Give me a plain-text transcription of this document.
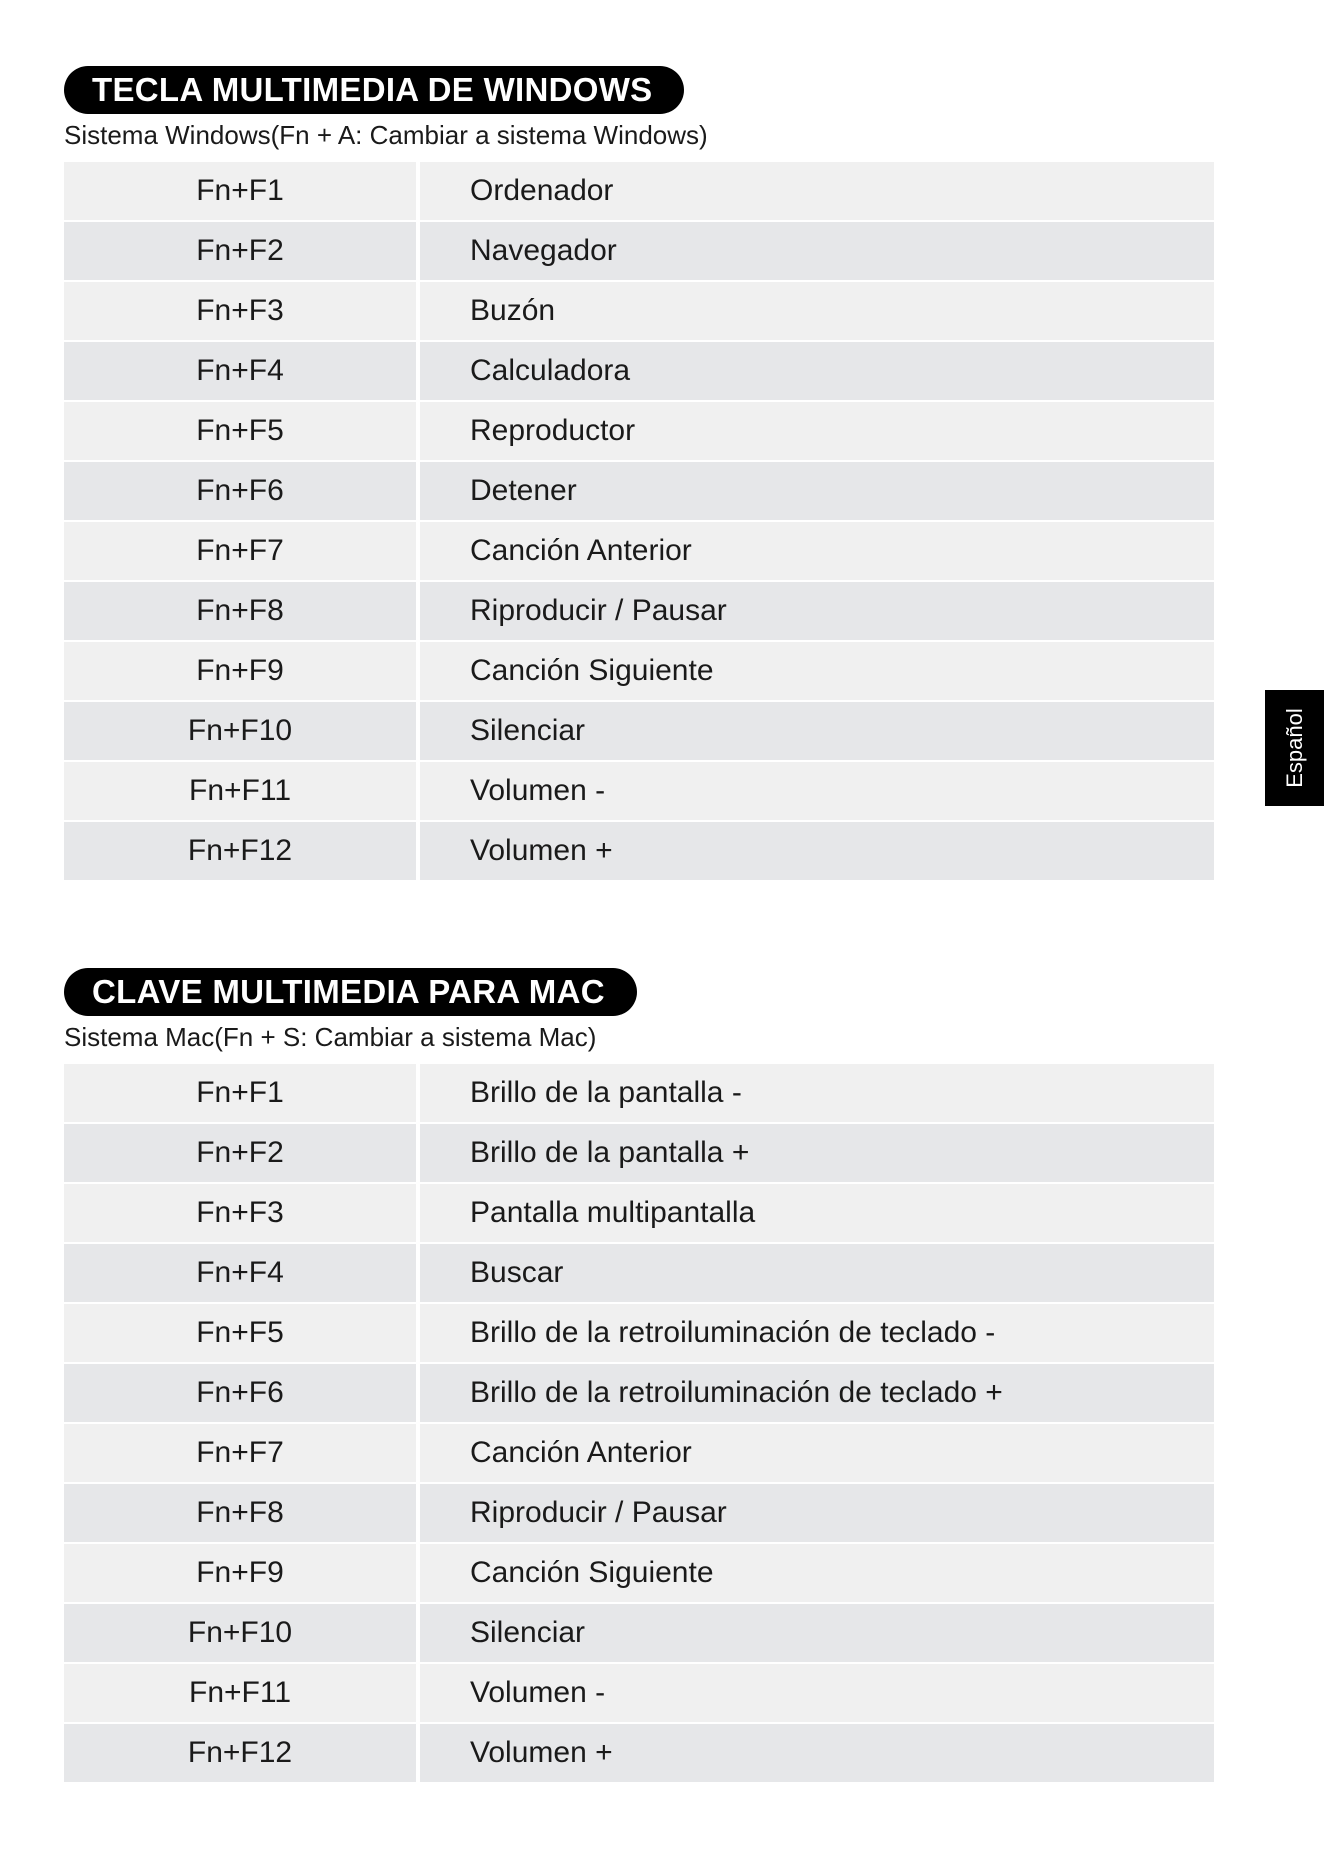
TECLA MULTIMEDIA DE WINDOWS
Sistema Windows(Fn + A: Cambiar a sistema Windows)
Fn+F1	Ordenador
Fn+F2	Navegador
Fn+F3	Buzón
Fn+F4	Calculadora
Fn+F5	Reproductor
Fn+F6	Detener
Fn+F7	Canción Anterior
Fn+F8	Riproducir / Pausar
Fn+F9	Canción Siguiente
Fn+F10	Silenciar
Fn+F11	Volumen -
Fn+F12	Volumen +
CLAVE MULTIMEDIA PARA MAC
Sistema Mac(Fn + S: Cambiar a sistema Mac)
Fn+F1	Brillo de la pantalla -
Fn+F2	Brillo de la pantalla +
Fn+F3	Pantalla multipantalla
Fn+F4	Buscar
Fn+F5	Brillo de la retroiluminación de teclado -
Fn+F6	Brillo de la retroiluminación de teclado +
Fn+F7	Canción Anterior
Fn+F8	Riproducir / Pausar
Fn+F9	Canción Siguiente
Fn+F10	Silenciar
Fn+F11	Volumen -
Fn+F12	Volumen +
Español
